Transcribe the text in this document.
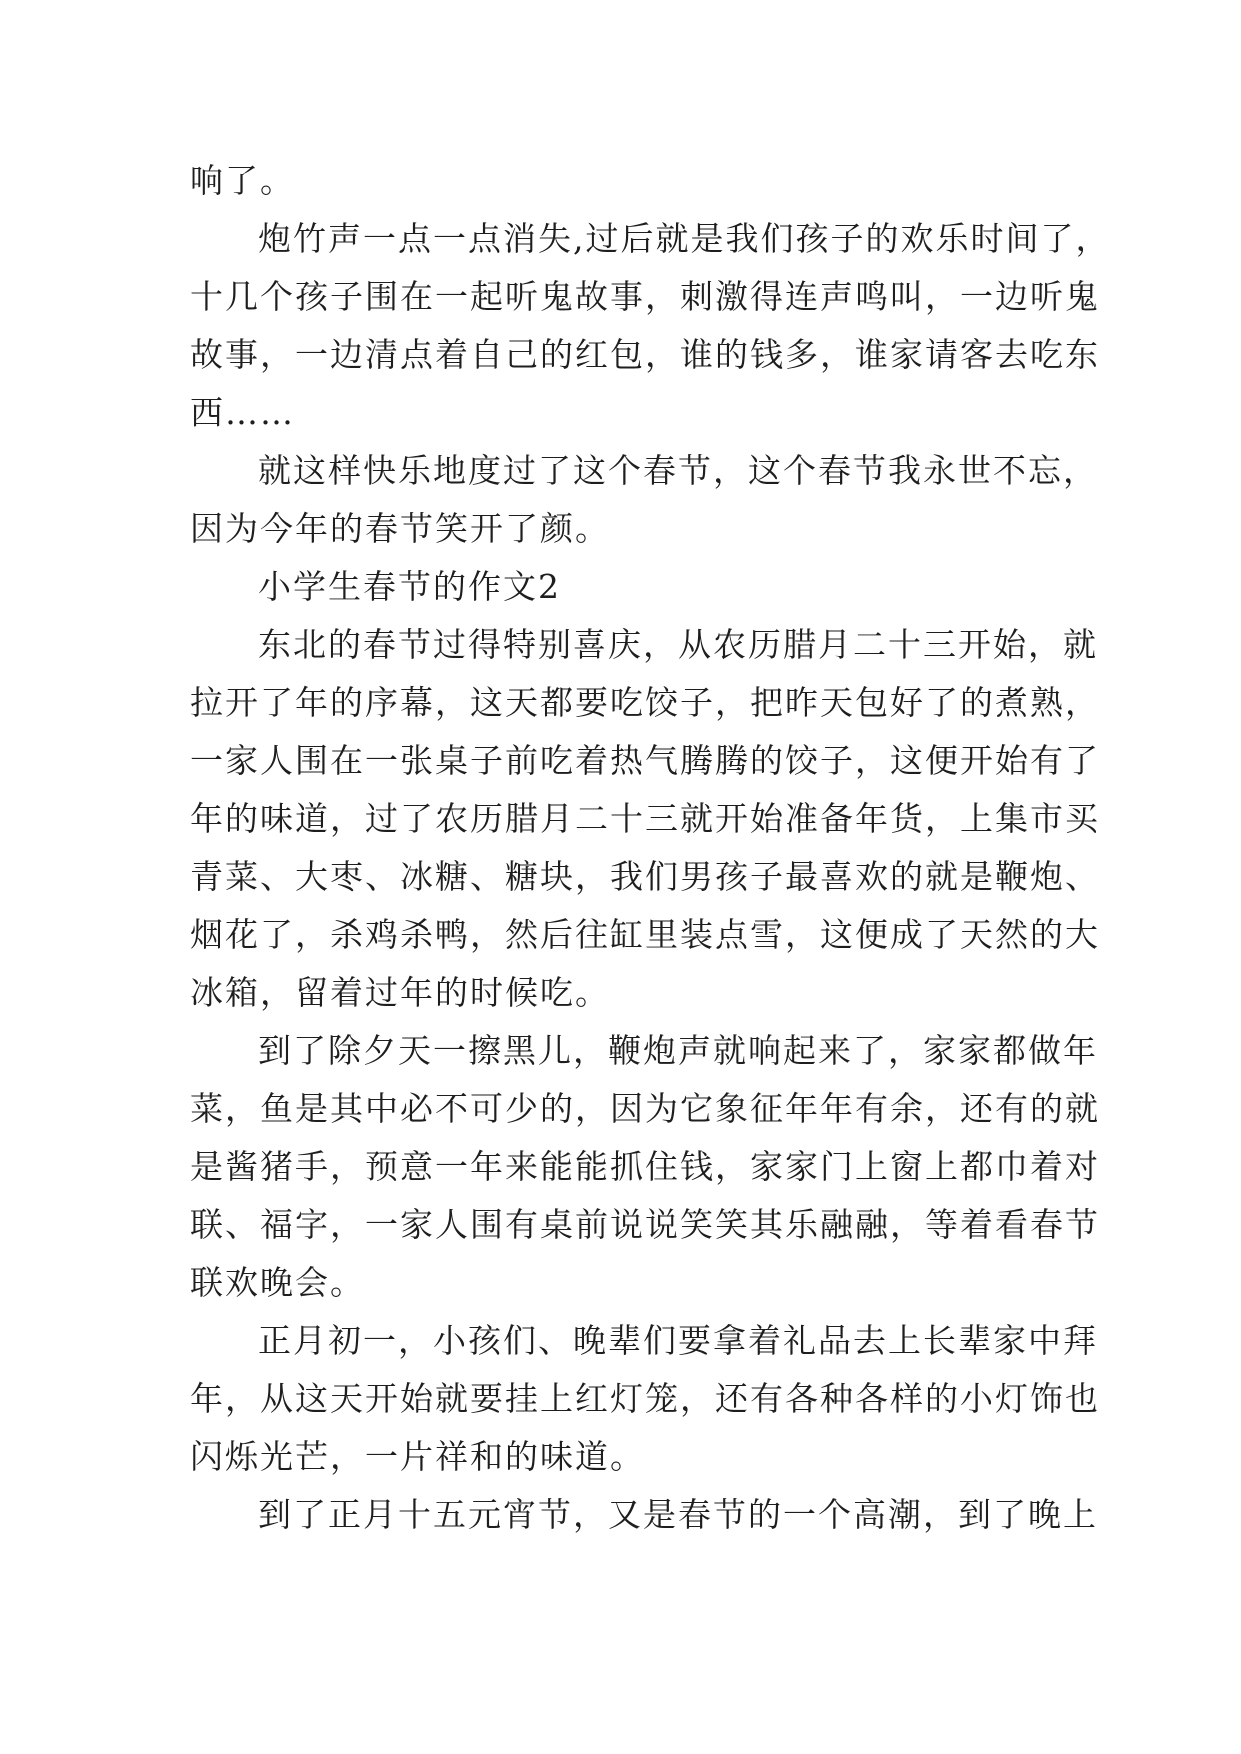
响了。
炮竹声一点一点消失,过后就是我们孩子的欢乐时间了，
十几个孩子围在一起听鬼故事，刺激得连声鸣叫，一边听鬼
故事，一边清点着自己的红包，谁的钱多，谁家请客去吃东
西……
就这样快乐地度过了这个春节，这个春节我永世不忘，
因为今年的春节笑开了颜。
小学生春节的作文2
东北的春节过得特别喜庆，从农历腊月二十三开始，就
拉开了年的序幕，这天都要吃饺子，把昨天包好了的煮熟，
一家人围在一张桌子前吃着热气腾腾的饺子，这便开始有了
年的味道，过了农历腊月二十三就开始准备年货，上集市买
青菜、大枣、冰糖、糖块，我们男孩子最喜欢的就是鞭炮、
烟花了，杀鸡杀鸭，然后往缸里装点雪，这便成了天然的大
冰箱，留着过年的时候吃。
到了除夕天一擦黑儿，鞭炮声就响起来了，家家都做年
菜，鱼是其中必不可少的，因为它象征年年有余，还有的就
是酱猪手，预意一年来能能抓住钱，家家门上窗上都巾着对
联、福字，一家人围有桌前说说笑笑其乐融融，等着看春节
联欢晚会。
正月初一，小孩们、晚辈们要拿着礼品去上长辈家中拜
年，从这天开始就要挂上红灯笼，还有各种各样的小灯饰也
闪烁光芒，一片祥和的味道。
到了正月十五元宵节，又是春节的一个高潮，到了晚上
